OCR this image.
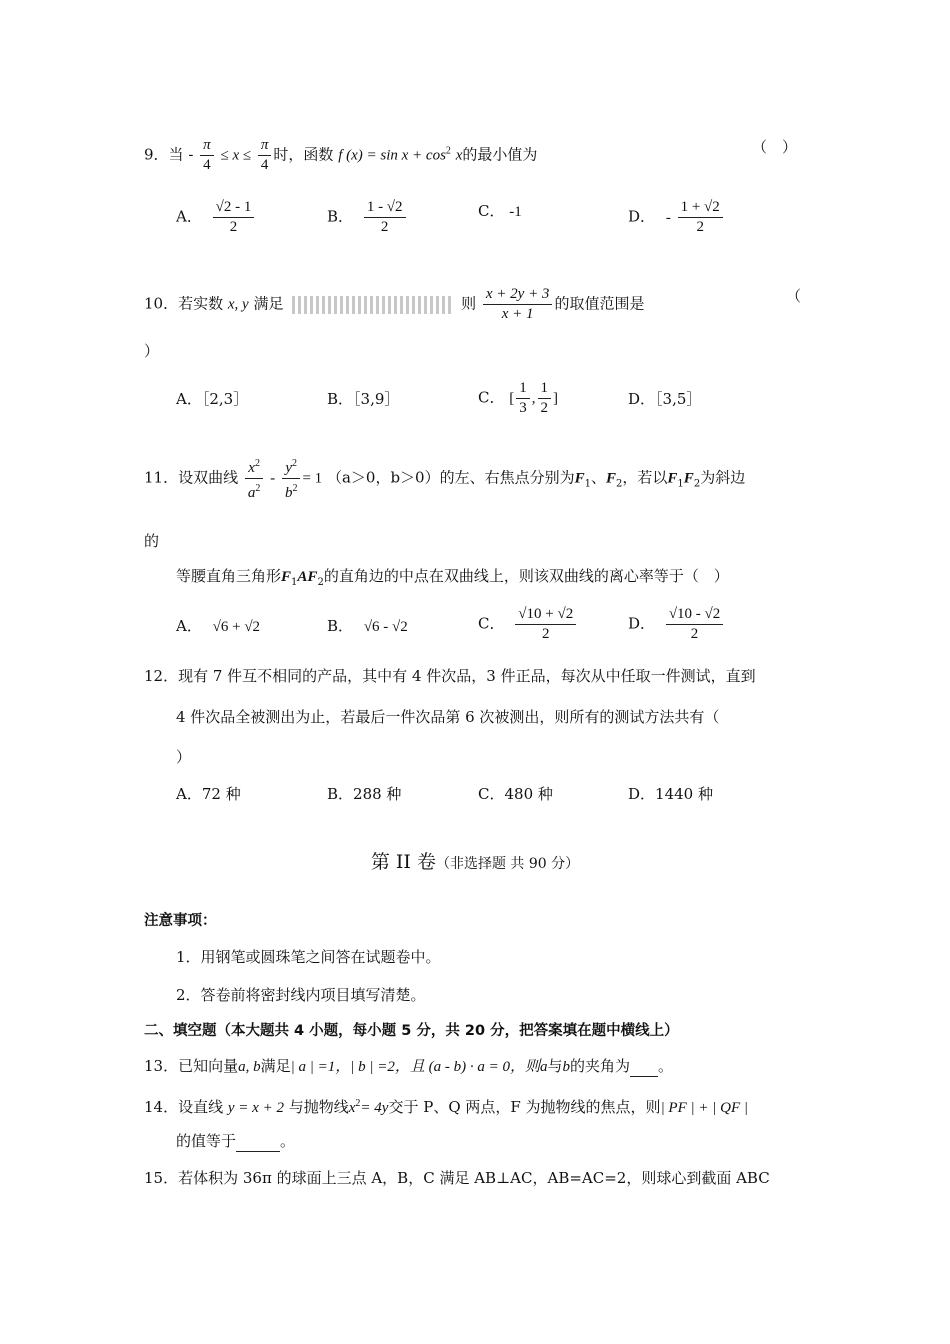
9．当 - $\frac{\pi}{4} \le x \le \frac{\pi}{4}$ 时，函数 f $(x) = \sin x + \cos^2 x$的最小值为	（　）
A． $\frac{√2 - 1}{2}$	B． $\frac{1 - √2}{2}$	C． -1	D． - $\frac{1 + √2}{2}$
10．若实数 x, y 满足	则 $\frac{x + 2y + 3}{x + 1}$ 的取值范围是	（
）
A．［2,3］	B．［3,9］	C． [ $\frac{1}{3}$ , $\frac{1}{2}$ ]	D．［3,5］
11．设双曲线 $\frac{x^2}{a^2} - \frac{y^2}{b^2} = 1$ （a＞0，b＞0）的左、右焦点分别为$F_1$、$F_2$，若以$F_1F_2$为斜边
的
等腰直角三角形$F_1AF_2$的直角边的中点在双曲线上，则该双曲线的离心率等于（　）
A． √6 + √2	B． √6 - √2	C． $\frac{√10 + √2}{2}$	D． $\frac{√10 - √2}{2}$
12．现有 7 件互不相同的产品，其中有 4 件次品，3 件正品，每次从中任取一件测试，直到
4 件次品全被测出为止，若最后一件次品第 6 次被测出，则所有的测试方法共有（
）
A．72 种	B．288 种	C．480 种	D．1440 种
第 II 卷（非选择题 共 90 分）
注意事项：
1．用钢笔或圆珠笔之间答在试题卷中。
2．答卷前将密封线内项目填写清楚。
二、填空题（本大题共 4 小题，每小题 5 分，共 20 分，把答案填在题中横线上）
13．已知向量a, b满足| a | =1，| b | =2，且 (a - b) · a = 0，则a与b的夹角为 。
14．设直线 y = x + 2 与抛物线$x^2= 4y$交于 P、Q 两点，F 为抛物线的焦点，则| PF | + | QF |
的值等于	。
15．若体积为 36π 的球面上三点 A，B，C 满足 AB⊥AC，AB=AC=2，则球心到截面 ABC
